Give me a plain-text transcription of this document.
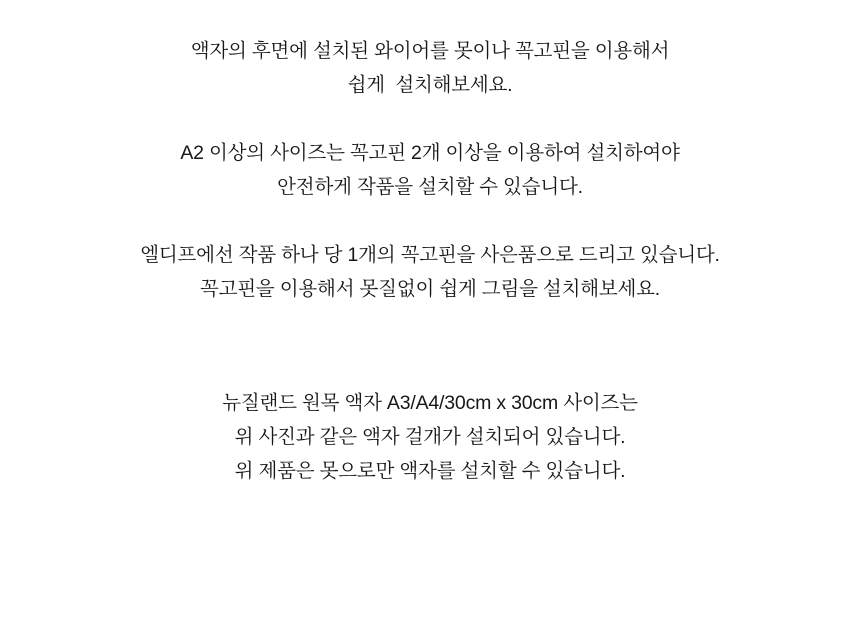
액자의 후면에 설치된 와이어를 못이나 꼭고핀을 이용해서
쉽게  설치해보세요.
A2 이상의 사이즈는 꼭고핀 2개 이상을 이용하여 설치하여야
안전하게 작품을 설치할 수 있습니다.
엘디프에선 작품 하나 당 1개의 꼭고핀을 사은품으로 드리고 있습니다.
꼭고핀을 이용해서 못질없이 쉽게 그림을 설치해보세요.
뉴질랜드 원목 액자 A3/A4/30cm x 30cm 사이즈는
위 사진과 같은 액자 걸개가 설치되어 있습니다.
위 제품은 못으로만 액자를 설치할 수 있습니다.
